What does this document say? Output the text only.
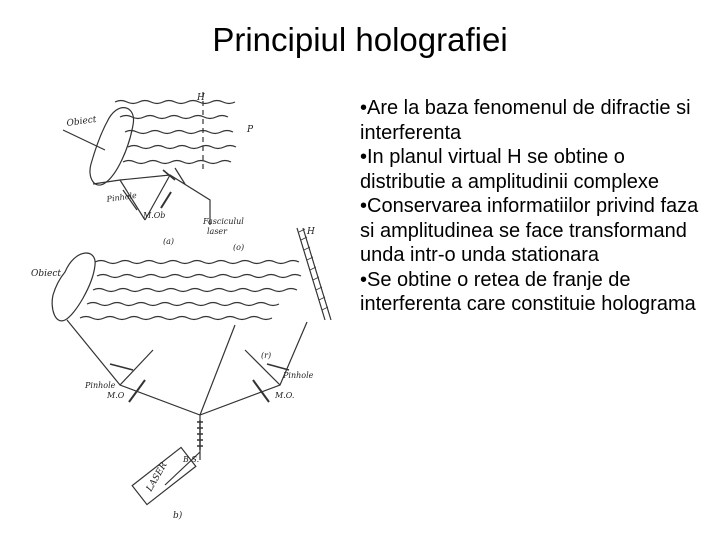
Principiul holografiei
Obiect
H
P
Pinhole
M.Ob
Fasciculul
laser
(a)
Obiect
(o)
H
(r)
Pinhole
Pinhole
M.O	M.O.
B.S.
LASER
b)

•Are la baza fenomenul de difractie si interferenta

•In planul virtual H se obtine o distributie a amplitudinii complexe

•Conservarea informatiilor privind faza si amplitudinea se face transformand unda intr-o unda stationara

•Se obtine o retea de franje de interferenta care constituie holograma
